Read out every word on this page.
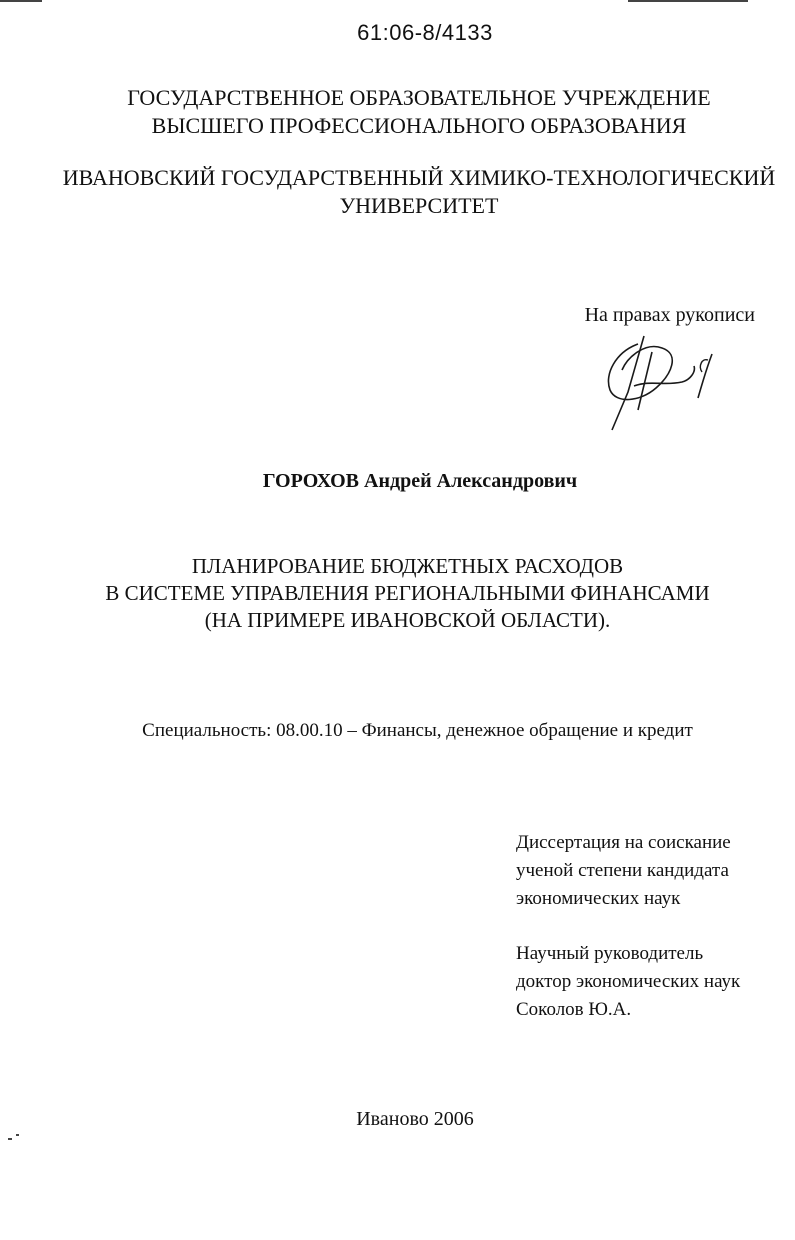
61:06-8/4133
ГОСУДАРСТВЕННОЕ ОБРАЗОВАТЕЛЬНОЕ УЧРЕЖДЕНИЕ
ВЫСШЕГО ПРОФЕССИОНАЛЬНОГО ОБРАЗОВАНИЯ
ИВАНОВСКИЙ ГОСУДАРСТВЕННЫЙ ХИМИКО-ТЕХНОЛОГИЧЕСКИЙ
УНИВЕРСИТЕТ
На правах рукописи
ГОРОХОВ Андрей Александрович
ПЛАНИРОВАНИЕ БЮДЖЕТНЫХ РАСХОДОВ
В СИСТЕМЕ УПРАВЛЕНИЯ РЕГИОНАЛЬНЫМИ ФИНАНСАМИ
(НА ПРИМЕРЕ ИВАНОВСКОЙ ОБЛАСТИ).
Специальность: 08.00.10 – Финансы, денежное обращение и кредит
Диссертация на соискание
ученой степени кандидата
экономических наук
Научный руководитель
доктор экономических наук
Соколов Ю.А.
Иваново 2006
